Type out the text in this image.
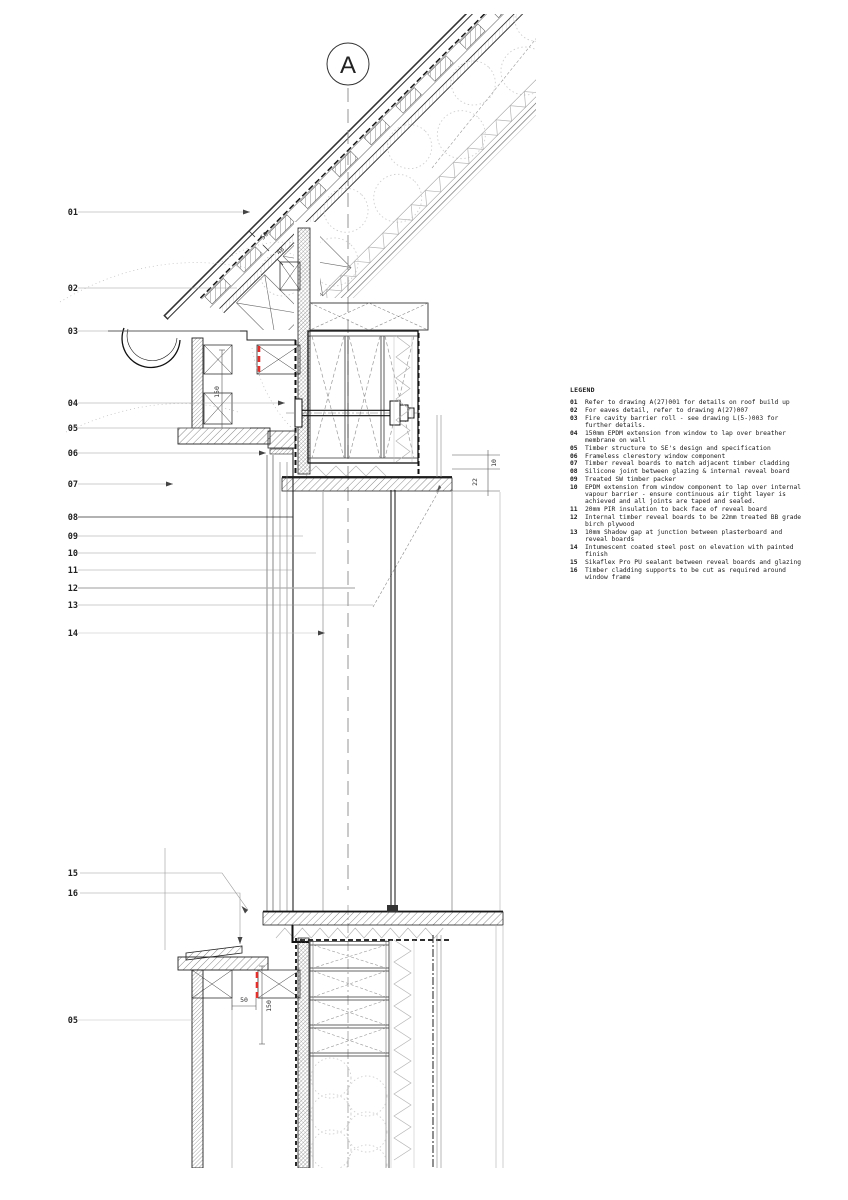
50
48
150
10
22
50
150
01
02
03
04
05
06
07
08
09
10
11
12
13
14
15
16
05
A
LEGEND
01	Refer to drawing A(27)001 for details on roof build up
02	For eaves detail, refer to drawing A(27)007
03	Fire cavity barrier roll - see drawing L(5-)003 for further details.
04	150mm EPDM extension from window to lap over breather membrane on wall
05	Timber structure to SE's design and specification
06	Frameless clerestory window component
07	Timber reveal boards to match adjacent timber cladding
08	Silicone joint between glazing & internal reveal board
09	Treated SW timber packer
10	EPDM extension from window component to lap over internal vapour barrier - ensure continuous air tight layer is achieved and all joints are taped and sealed.
11	20mm PIR insulation to back face of reveal board
12	Internal timber reveal boards to be 22mm treated BB grade birch plywood
13	10mm Shadow gap at junction between plasterboard and reveal boards
14	Intumescent coated steel post on elevation with painted finish
15	Sikaflex Pro PU sealant between reveal boards and glazing
16	Timber cladding supports to be cut as required around window frame
